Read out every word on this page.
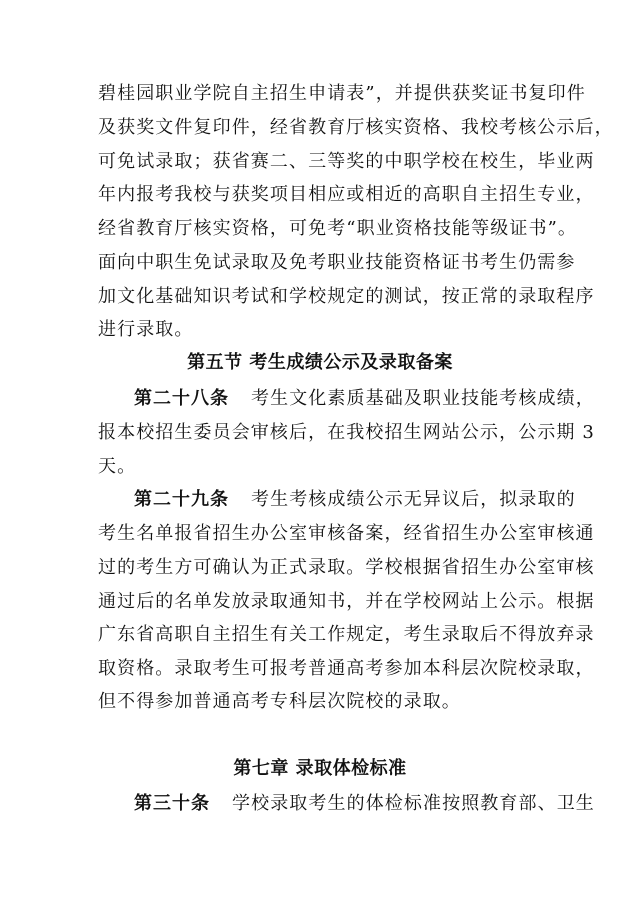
碧桂园职业学院自主招生申请表”，并提供获奖证书复印件
及获奖文件复印件，经省教育厅核实资格、我校考核公示后，
可免试录取；获省赛二、三等奖的中职学校在校生，毕业两
年内报考我校与获奖项目相应或相近的高职自主招生专业，
经省教育厅核实资格，可免考“职业资格技能等级证书”。
面向中职生免试录取及免考职业技能资格证书考生仍需参
加文化基础知识考试和学校规定的测试，按正常的录取程序
进行录取。
第五节 考生成绩公示及录取备案
第二十八条 考生文化素质基础及职业技能考核成绩，
报本校招生委员会审核后，在我校招生网站公示，公示期 3
天。
第二十九条 考生考核成绩公示无异议后，拟录取的
考生名单报省招生办公室审核备案，经省招生办公室审核通
过的考生方可确认为正式录取。学校根据省招生办公室审核
通过后的名单发放录取通知书，并在学校网站上公示。根据
广东省高职自主招生有关工作规定，考生录取后不得放弃录
取资格。录取考生可报考普通高考参加本科层次院校录取，
但不得参加普通高考专科层次院校的录取。
第七章 录取体检标准
第三十条 学校录取考生的体检标准按照教育部、卫生
